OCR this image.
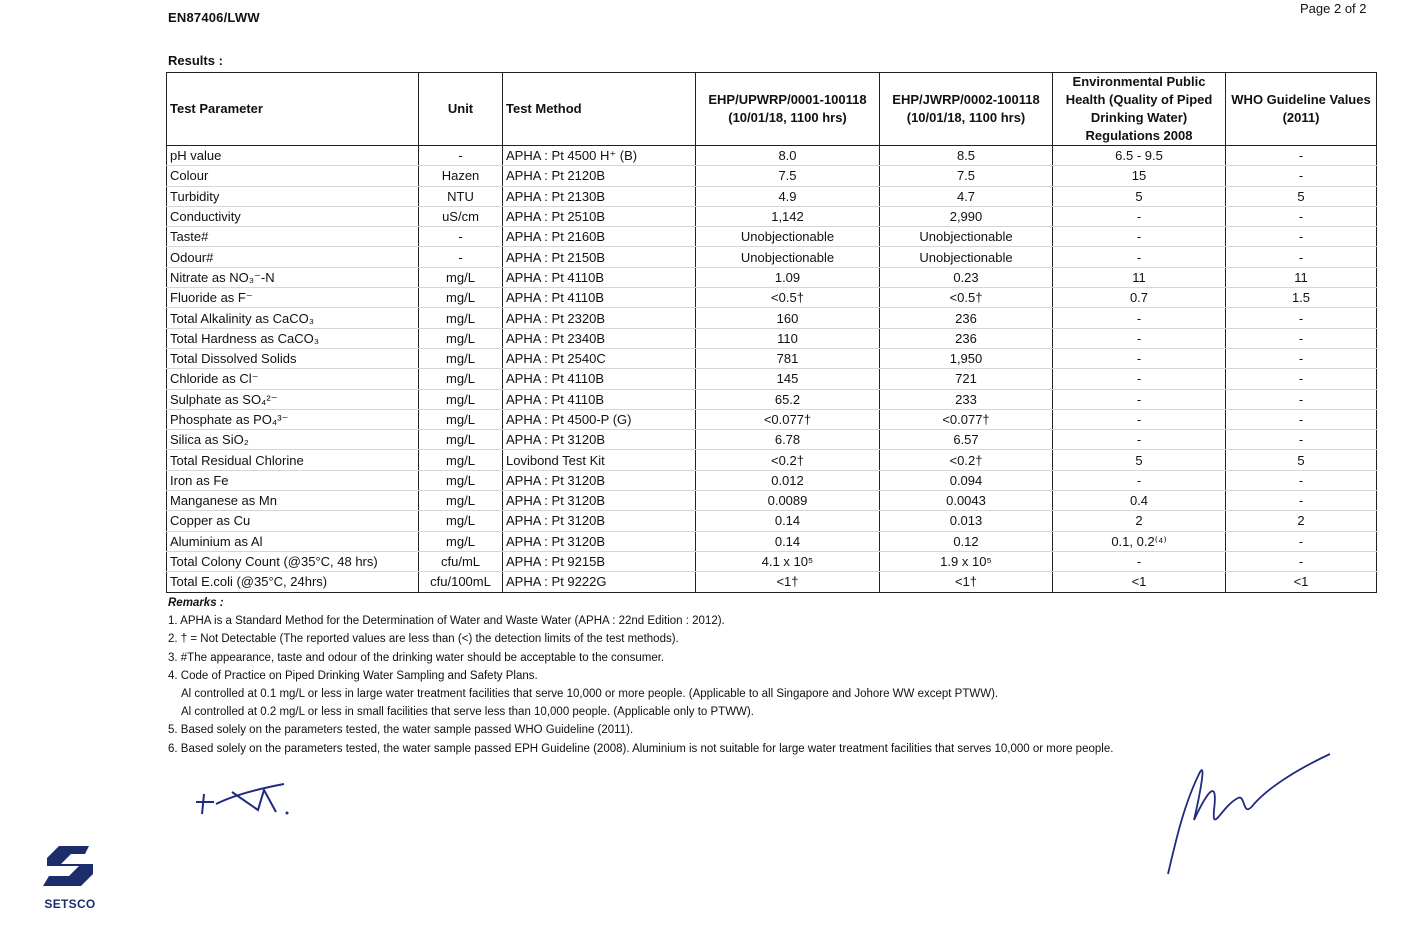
EN87406/LWW
Page 2 of 2
Results :
Test Parameter	Unit	Test Method	EHP/UPWRP/0001-100118 (10/01/18, 1100 hrs)	EHP/JWRP/0002-100118 (10/01/18, 1100 hrs)	Environmental Public Health (Quality of Piped Drinking Water) Regulations 2008	WHO Guideline Values (2011)
pH value	-	APHA : Pt 4500 H⁺ (B)	8.0	8.5	6.5 - 9.5	-
Colour	Hazen	APHA : Pt 2120B	7.5	7.5	15	-
Turbidity	NTU	APHA : Pt 2130B	4.9	4.7	5	5
Conductivity	uS/cm	APHA : Pt 2510B	1,142	2,990	-	-
Taste#	-	APHA : Pt 2160B	Unobjectionable	Unobjectionable	-	-
Odour#	-	APHA : Pt 2150B	Unobjectionable	Unobjectionable	-	-
Nitrate as NO₃⁻-N	mg/L	APHA : Pt 4110B	1.09	0.23	11	11
Fluoride as F⁻	mg/L	APHA : Pt 4110B	<0.5†	<0.5†	0.7	1.5
Total Alkalinity as CaCO₃	mg/L	APHA : Pt 2320B	160	236	-	-
Total Hardness as CaCO₃	mg/L	APHA : Pt 2340B	110	236	-	-
Total Dissolved Solids	mg/L	APHA : Pt 2540C	781	1,950	-	-
Chloride as Cl⁻	mg/L	APHA : Pt 4110B	145	721	-	-
Sulphate as SO₄²⁻	mg/L	APHA : Pt 4110B	65.2	233	-	-
Phosphate as PO₄³⁻	mg/L	APHA : Pt 4500-P (G)	<0.077†	<0.077†	-	-
Silica as SiO₂	mg/L	APHA : Pt 3120B	6.78	6.57	-	-
Total Residual Chlorine	mg/L	Lovibond Test Kit	<0.2†	<0.2†	5	5
Iron as Fe	mg/L	APHA : Pt 3120B	0.012	0.094	-	-
Manganese as Mn	mg/L	APHA : Pt 3120B	0.0089	0.0043	0.4	-
Copper as Cu	mg/L	APHA : Pt 3120B	0.14	0.013	2	2
Aluminium as Al	mg/L	APHA : Pt 3120B	0.14	0.12	0.1, 0.2⁽⁴⁾	-
Total Colony Count (@35°C, 48 hrs)	cfu/mL	APHA : Pt 9215B	4.1 x 10⁵	1.9 x 10⁵	-	-
Total E.coli (@35°C, 24hrs)	cfu/100mL	APHA : Pt 9222G	<1†	<1†	<1	<1
Remarks :
1. APHA is a Standard Method for the Determination of Water and Waste Water (APHA : 22nd Edition : 2012).
2. † = Not Detectable (The reported values are less than (<) the detection limits of the test methods).
3. #The appearance, taste and odour of the drinking water should be acceptable to the consumer.
4. Code of Practice on Piped Drinking Water Sampling and Safety Plans.
Al controlled at 0.1 mg/L or less in large water treatment facilities that serve 10,000 or more people. (Applicable to all Singapore and Johore WW except PTWW).
Al controlled at 0.2 mg/L or less in small facilities that serve less than 10,000 people. (Applicable only to PTWW).
5. Based solely on the parameters tested, the water sample passed WHO Guideline (2011).
6. Based solely on the parameters tested, the water sample passed EPH Guideline (2008). Aluminium is not suitable for large water treatment facilities that serves 10,000 or more people.
SETSCO
